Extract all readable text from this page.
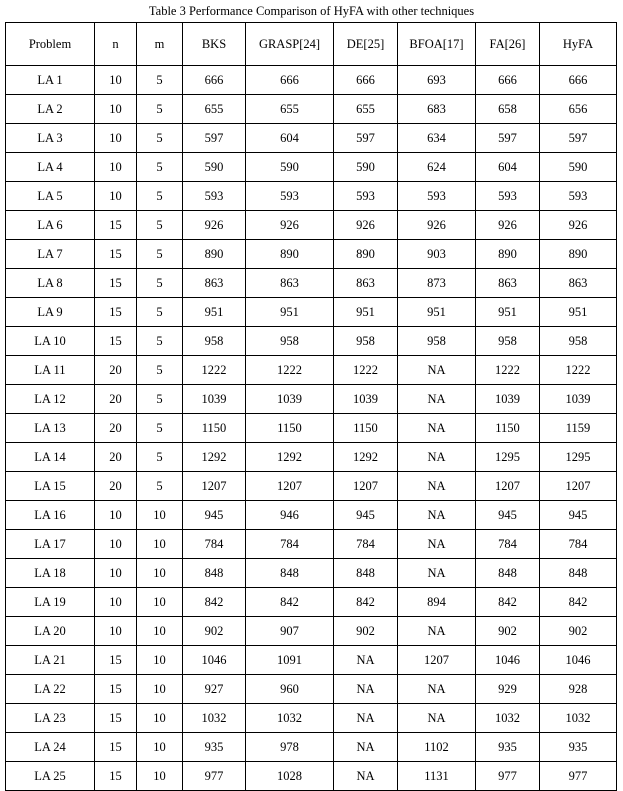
Table 3 Performance Comparison of HyFA with other techniques
Problem	n	m	BKS	GRASP[24]	DE[25]	BFOA[17]	FA[26]	HyFA
LA 1	10	5	666	666	666	693	666	666
LA 2	10	5	655	655	655	683	658	656
LA 3	10	5	597	604	597	634	597	597
LA 4	10	5	590	590	590	624	604	590
LA 5	10	5	593	593	593	593	593	593
LA 6	15	5	926	926	926	926	926	926
LA 7	15	5	890	890	890	903	890	890
LA 8	15	5	863	863	863	873	863	863
LA 9	15	5	951	951	951	951	951	951
LA 10	15	5	958	958	958	958	958	958
LA 11	20	5	1222	1222	1222	NA	1222	1222
LA 12	20	5	1039	1039	1039	NA	1039	1039
LA 13	20	5	1150	1150	1150	NA	1150	1159
LA 14	20	5	1292	1292	1292	NA	1295	1295
LA 15	20	5	1207	1207	1207	NA	1207	1207
LA 16	10	10	945	946	945	NA	945	945
LA 17	10	10	784	784	784	NA	784	784
LA 18	10	10	848	848	848	NA	848	848
LA 19	10	10	842	842	842	894	842	842
LA 20	10	10	902	907	902	NA	902	902
LA 21	15	10	1046	1091	NA	1207	1046	1046
LA 22	15	10	927	960	NA	NA	929	928
LA 23	15	10	1032	1032	NA	NA	1032	1032
LA 24	15	10	935	978	NA	1102	935	935
LA 25	15	10	977	1028	NA	1131	977	977
